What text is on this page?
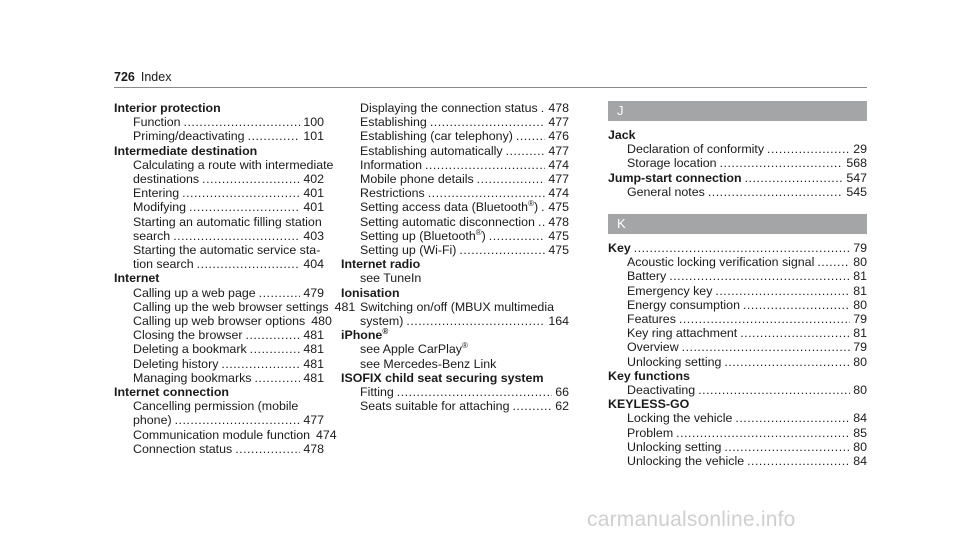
726 Index
Interior protection
Function .....	100
Priming/deactivating .....	101
Intermediate destination
Calculating a route with intermediate
destinations .....	402
Entering .....	401
Modifying .....	401
Starting an automatic filling station
search .....	403
Starting the automatic service sta‐
tion search .....	404
Internet
Calling up a web page .....	479
Calling up the web browser settings 481
Calling up web browser options 480
Closing the browser .....	481
Deleting a bookmark .....	481
Deleting history .....	481
Managing bookmarks .....	481
Internet connection
Cancelling permission (mobile
phone) .....	477
Communication module function 474
Connection status .....	478
Displaying the connection status ..... 478
Establishing .....	477
Establishing (car telephony) .....	476
Establishing automatically .....	477
Information .....	474
Mobile phone details .....	477
Restrictions .....	474
Setting access data (Bluetooth®) ..... 475
Setting automatic disconnection ..... 478
Setting up (Bluetooth®) .....	475
Setting up (Wi-Fi) .....	475
Internet radio
see TuneIn
Ionisation
Switching on/off (MBUX multimedia
system) .....	164
iPhone®
see Apple CarPlay®
see Mercedes-Benz Link
ISOFIX child seat securing system
Fitting .....	66
Seats suitable for attaching .....	62
J
Jack
Declaration of conformity .....	29
Storage location .....	568
Jump-start connection .....	547
General notes .....	545
K
Key .....	79
Acoustic locking verification signal .....	80
Battery .....	81
Emergency key .....	81
Energy consumption .....	80
Features .....	79
Key ring attachment .....	81
Overview .....	79
Unlocking setting .....	80
Key functions
Deactivating .....	80
KEYLESS-GO
Locking the vehicle .....	84
Problem .....	85
Unlocking setting .....	80
Unlocking the vehicle .....	84
carmanualsonline.info
